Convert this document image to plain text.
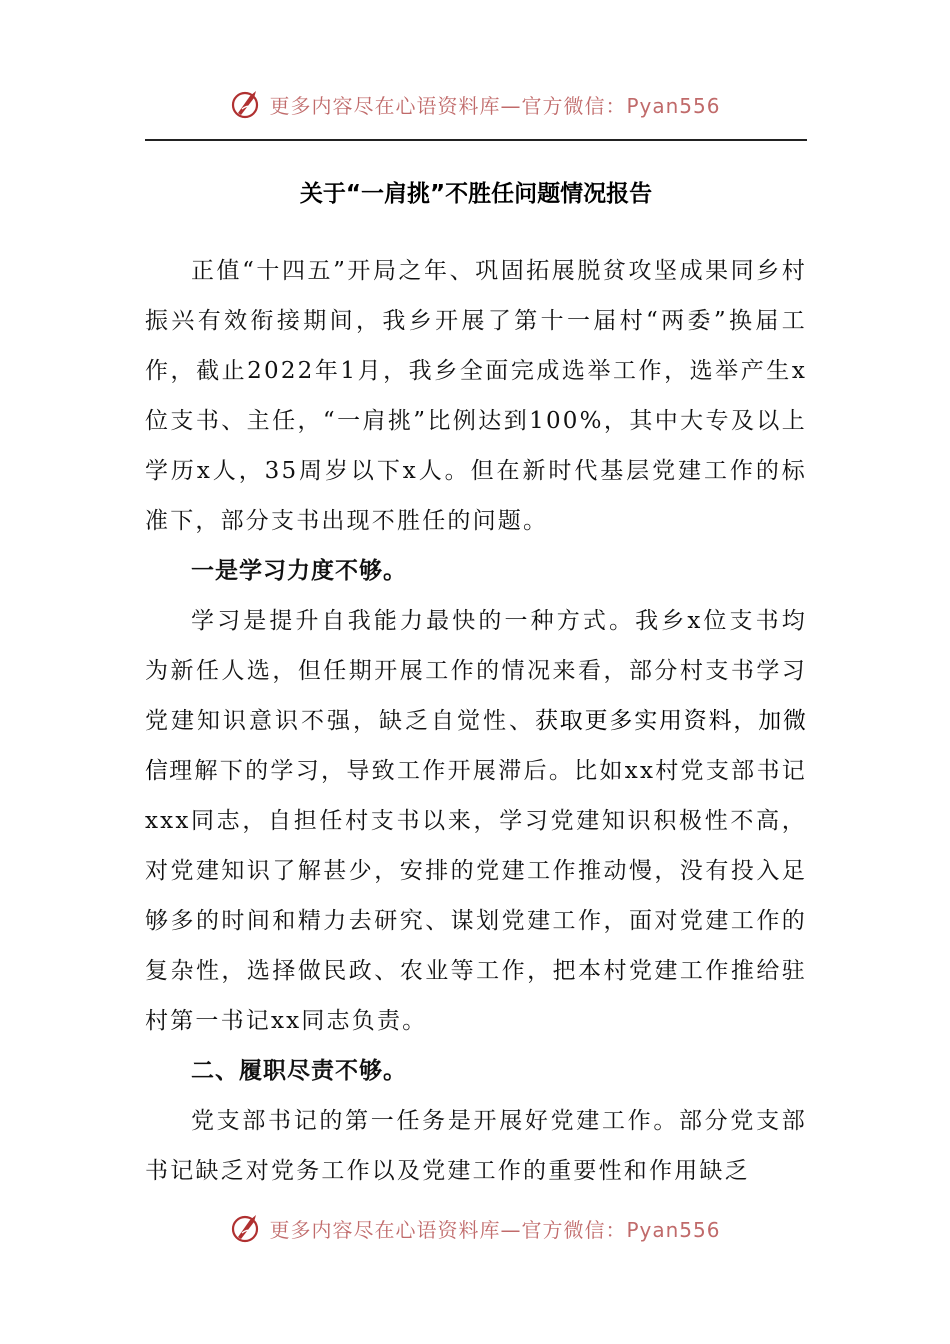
更多内容尽在心语资料库 —官方微信：Pyan556
关于“一肩挑”不胜任问题情况报告

正值“十四五”开局之年、巩固拓展脱贫攻坚成果同乡村振兴有效衔接期间，我乡开展了第十一届村“两委”换届工作，截止2022年1月，我乡全面完成选举工作，选举产生x位支书、主任，“一肩挑”比例达到100%，其中大专及以上学历x人，35周岁以下x人。但在新时代基层党建工作的标准下，部分支书出现不胜任的问题。

一是学习力度不够。

学习是提升自我能力最快的一种方式。我乡x位支书均为新任人选，但任期开展工作的情况来看，部分村支书学习党建知识意识不强，缺乏自觉性、获取更多实用资料，加微信理解下的学习，导致工作开展滞后。比如xx村党支部书记xxx同志，自担任村支书以来，学习党建知识积极性不高，对党建知识了解甚少，安排的党建工作推动慢，没有投入足够多的时间和精力去研究、谋划党建工作，面对党建工作的复杂性，选择做民政、农业等工作，把本村党建工作推给驻村第一书记xx同志负责。

二、履职尽责不够。

党支部书记的第一任务是开展好党建工作。部分党支部书记缺乏对党务工作以及党建工作的重要性和作用缺乏

更多内容尽在心语资料库 —官方微信：Pyan556
